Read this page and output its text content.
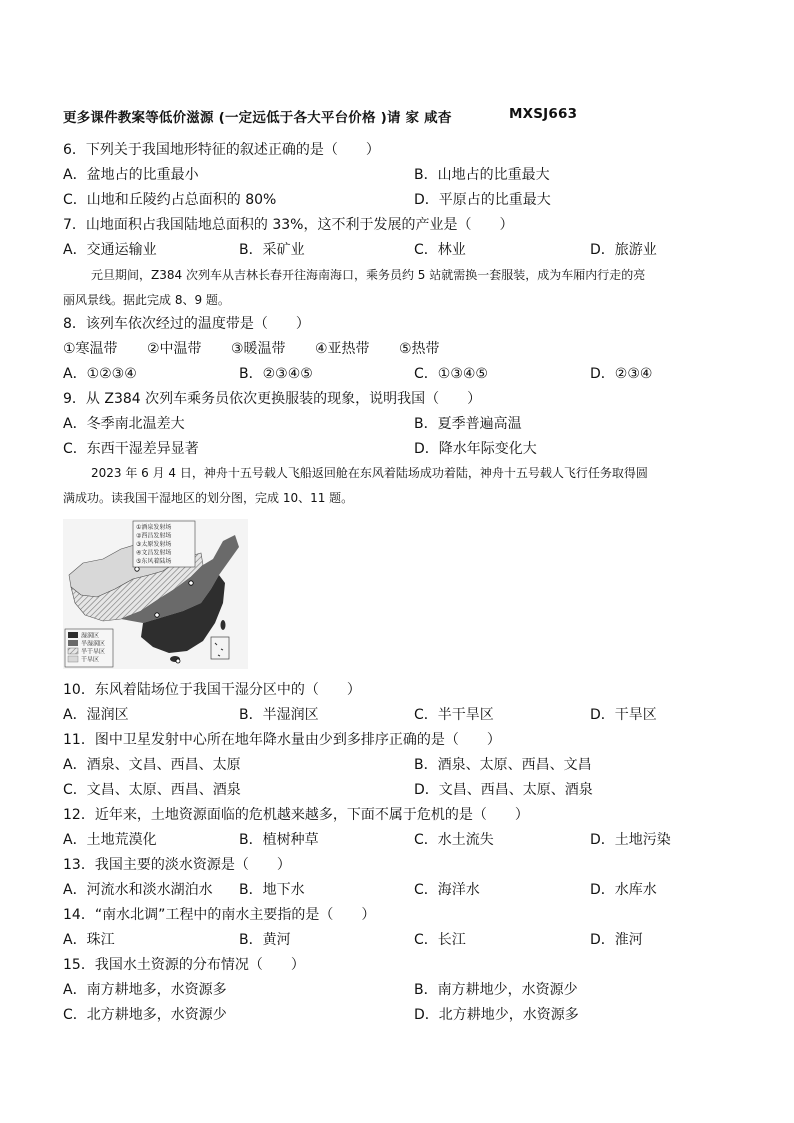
更多课件教案等低价滋源 (一定远低于各大平台价格 )请 家 咸杳	MXSJ663
6．下列关于我国地形特征的叙述正确的是（　　）
A．盆地占的比重最小	B．山地占的比重最大
C．山地和丘陵约占总面积的 80%	D．平原占的比重最大
7．山地面积占我国陆地总面积的 33%，这不利于发展的产业是（　　）
A．交通运输业	B．采矿业	C．林业	D．旅游业
元旦期间，Z384 次列车从吉林长春开往海南海口，乘务员约 5 站就需换一套服装，成为车厢内行走的亮
丽风景线。据此完成 8、9 题。
8．该列车依次经过的温度带是（　　）
①寒温带 ②中温带 ③暖温带 ④亚热带 ⑤热带
A．①②③④	B．②③④⑤	C．①③④⑤	D．②③④
9．从 Z384 次列车乘务员依次更换服装的现象，说明我国（　　）
A．冬季南北温差大	B．夏季普遍高温
C．东西干湿差异显著	D．降水年际变化大
2023 年 6 月 4 日，神舟十五号载人飞船返回舱在东风着陆场成功着陆，神舟十五号载人飞行任务取得圆
满成功。读我国干湿地区的划分图，完成 10、11 题。
①酒泉发射场
②西昌发射场
③太原发射场
④文昌发射场
⑤东风着陆场
湿润区
半湿润区
半干旱区
干旱区
10．东风着陆场位于我国干湿分区中的（　　）
A．湿润区	B．半湿润区	C．半干旱区	D．干旱区
11．图中卫星发射中心所在地年降水量由少到多排序正确的是（　　）
A．酒泉、文昌、西昌、太原	B．酒泉、太原、西昌、文昌
C．文昌、太原、西昌、酒泉	D．文昌、西昌、太原、酒泉
12．近年来，土地资源面临的危机越来越多，下面不属于危机的是（　　）
A．土地荒漠化	B．植树种草	C．水土流失	D．土地污染
13．我国主要的淡水资源是（　　）
A．河流水和淡水湖泊水 B．地下水	C．海洋水	D．水库水
14．“南水北调”工程中的南水主要指的是（　　）
A．珠江	B．黄河	C．长江	D．淮河
15．我国水土资源的分布情况（　　）
A．南方耕地多，水资源多	B．南方耕地少，水资源少
C．北方耕地多，水资源少	D．北方耕地少，水资源多
